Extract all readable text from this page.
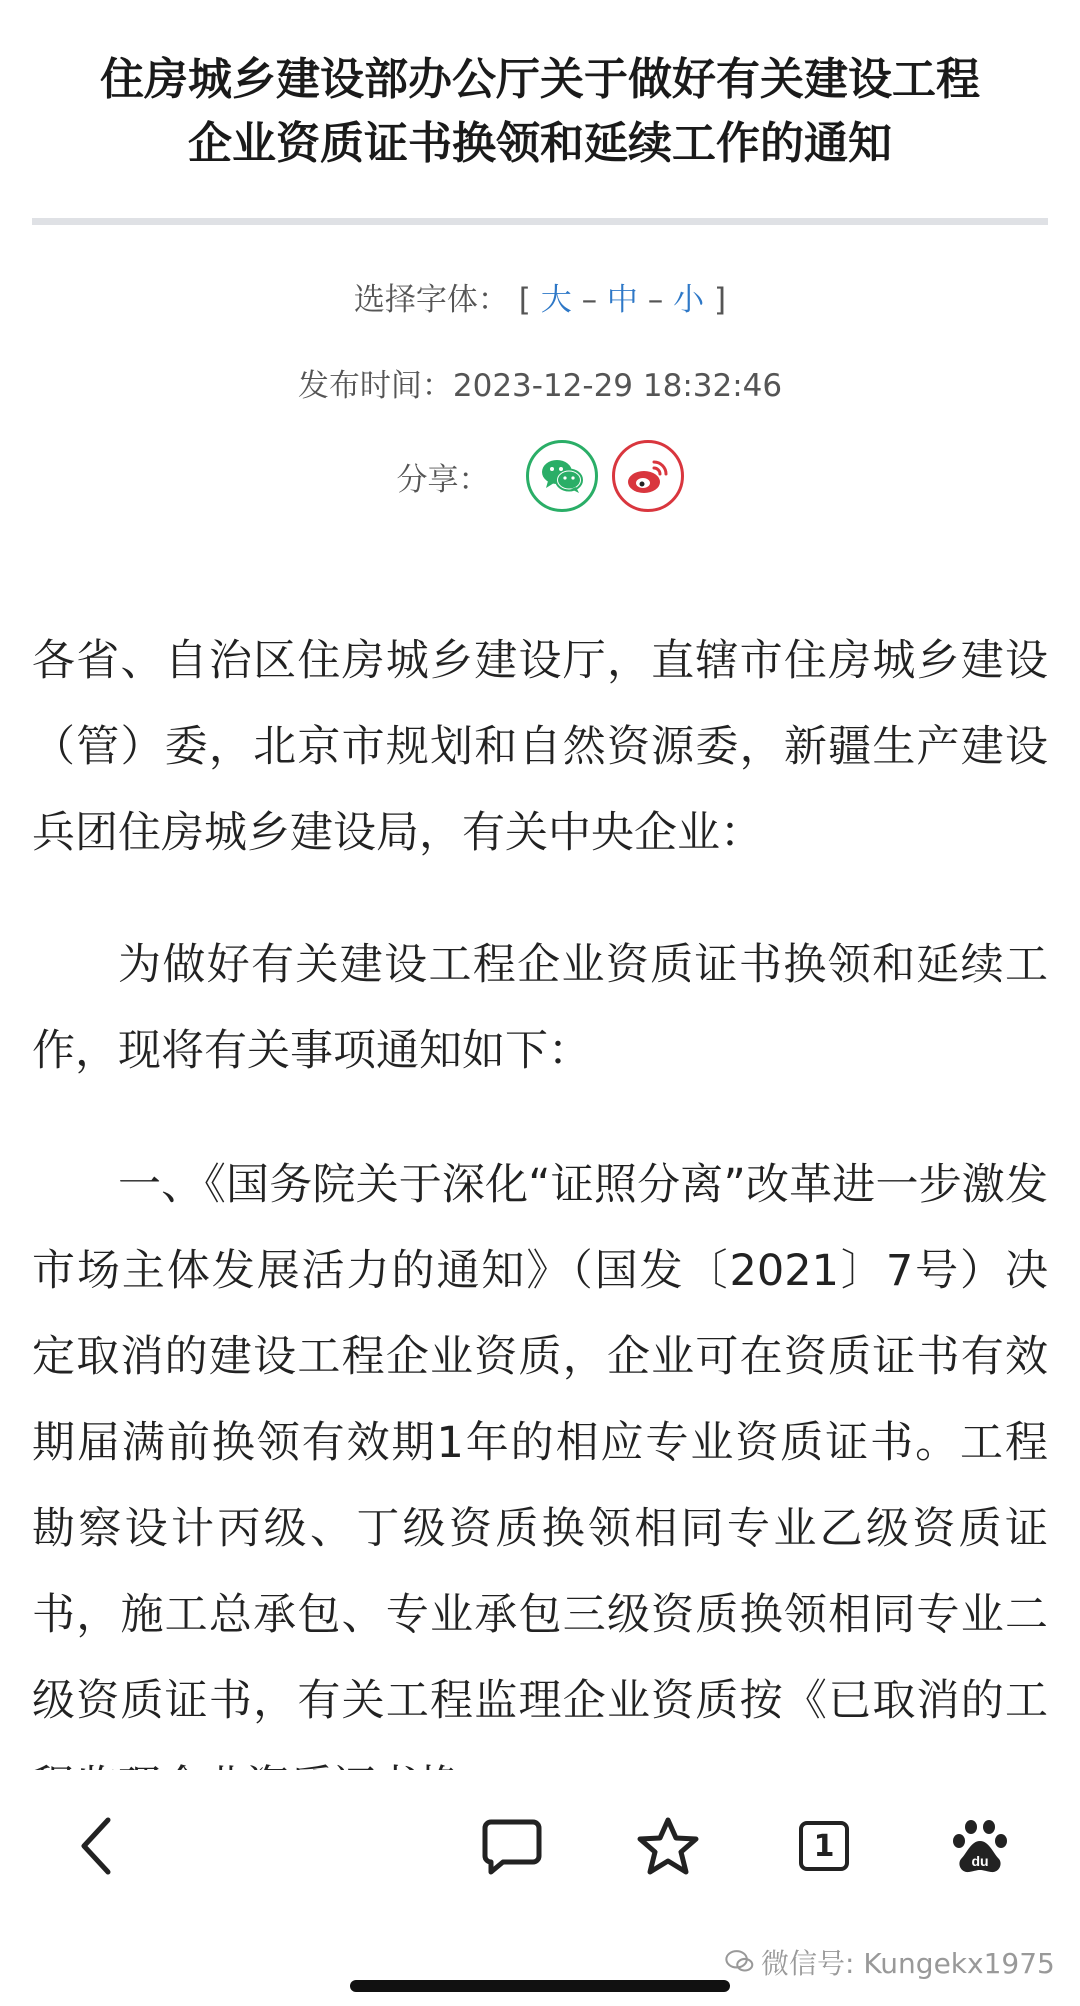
住房城乡建设部办公厅关于做好有关建设工程
企业资质证书换领和延续工作的通知
选择字体： [ 大 – 中 – 小 ]
发布时间：2023-12-29 18:32:46
分享：

各省、自治区住房城乡建设厅，直辖市住房城乡建设（管）委，北京市规划和自然资源委，新疆生产建设兵团住房城乡建设局，有关中央企业：

为做好有关建设工程企业资质证书换领和延续工作，现将有关事项通知如下：

一、《国务院关于深化“证照分离”改革进一步激发市场主体发展活力的通知》（国发〔2021〕7号）决定取消的建设工程企业资质，企业可在资质证书有效期届满前换领有效期1年的相应专业资质证书。工程勘察设计丙级、丁级资质换领相同专业乙级资质证书，施工总承包、专业承包三级资质换领相同专业二级资质证书，有关工程监理企业资质按《已取消的工

1	du
微信号: Kungekx1975
